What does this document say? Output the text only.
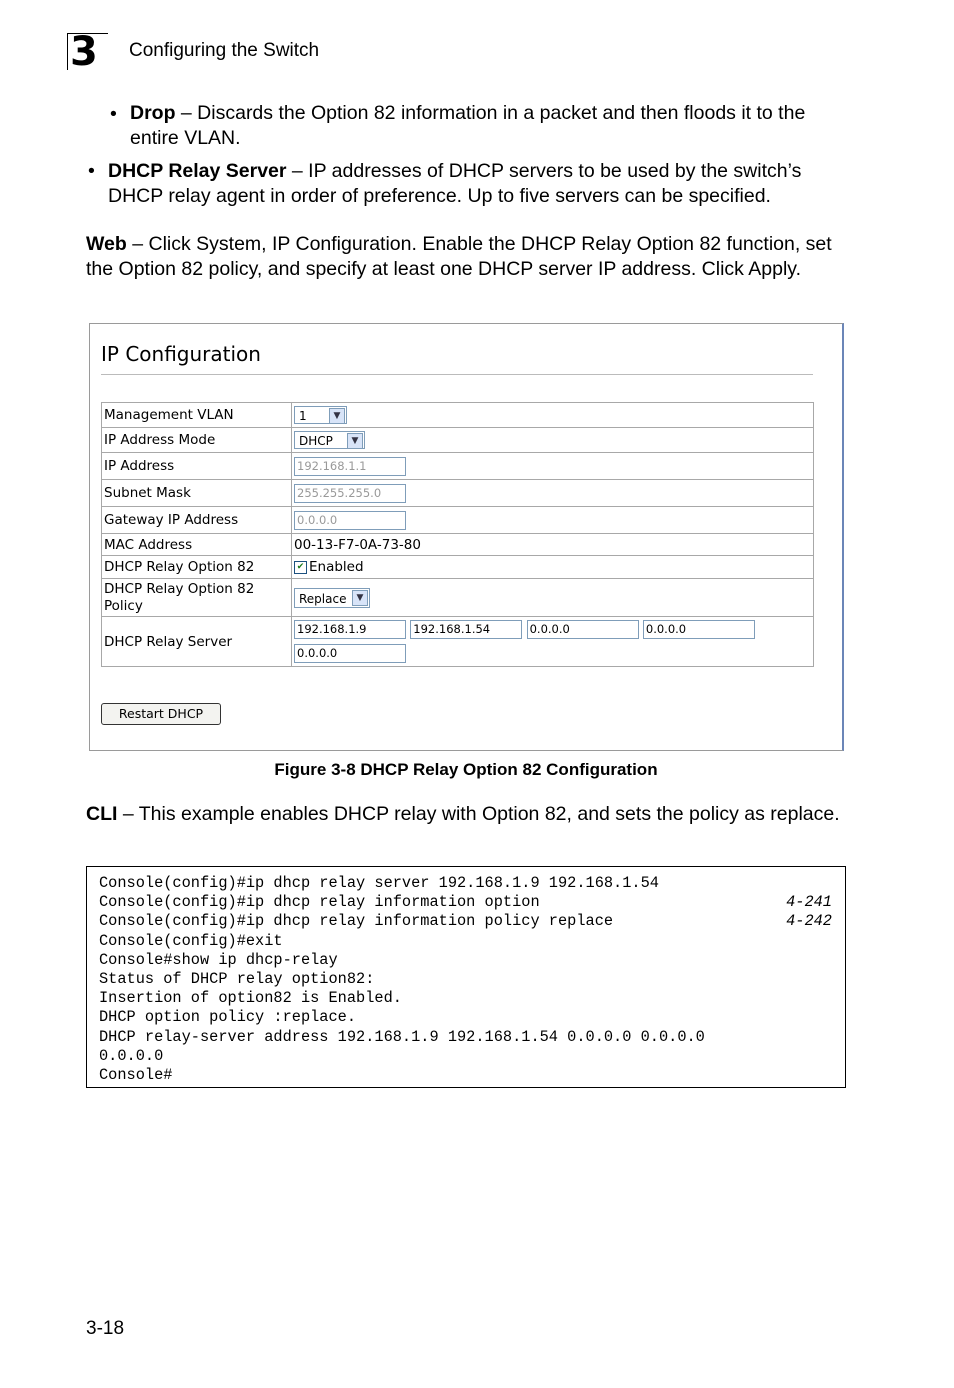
3 Configuring the Switch
• Drop – Discards the Option 82 information in a packet and then floods it to the entire VLAN.
• DHCP Relay Server – IP addresses of DHCP servers to be used by the switch’s DHCP relay agent in order of preference. Up to five servers can be specified.
Web – Click System, IP Configuration. Enable the DHCP Relay Option 82 function, set the Option 82 policy, and specify at least one DHCP server IP address. Click Apply.
IP Configuration
Management VLAN	1 ▼

IP Address Mode	DHCP ▼

IP Address	192.168.1.1
Subnet Mask	255.255.255.0
Gateway IP Address	0.0.0.0
MAC Address	00-13-F7-0A-73-80
DHCP Relay Option 82	✔ Enabled
DHCP Relay Option 82
Policy	Replace ▼

DHCP Relay Server	192.168.1.9 192.168.1.54 0.0.0.0 0.0.0.0
0.0.0.0
Restart DHCP
Figure 3-8 DHCP Relay Option 82 Configuration
CLI – This example enables DHCP relay with Option 82, and sets the policy as replace.
Console(config)#ip dhcp relay server 192.168.1.9 192.168.1.54
Console(config)#ip dhcp relay information option
Console(config)#ip dhcp relay information policy replace
Console(config)#exit
Console#show ip dhcp-relay
Status of DHCP relay option82:
Insertion of option82 is Enabled.
DHCP option policy :replace.
DHCP relay-server address 192.168.1.9 192.168.1.54 0.0.0.0 0.0.0.0
0.0.0.0
Console#
4-241
4-242
3-18
